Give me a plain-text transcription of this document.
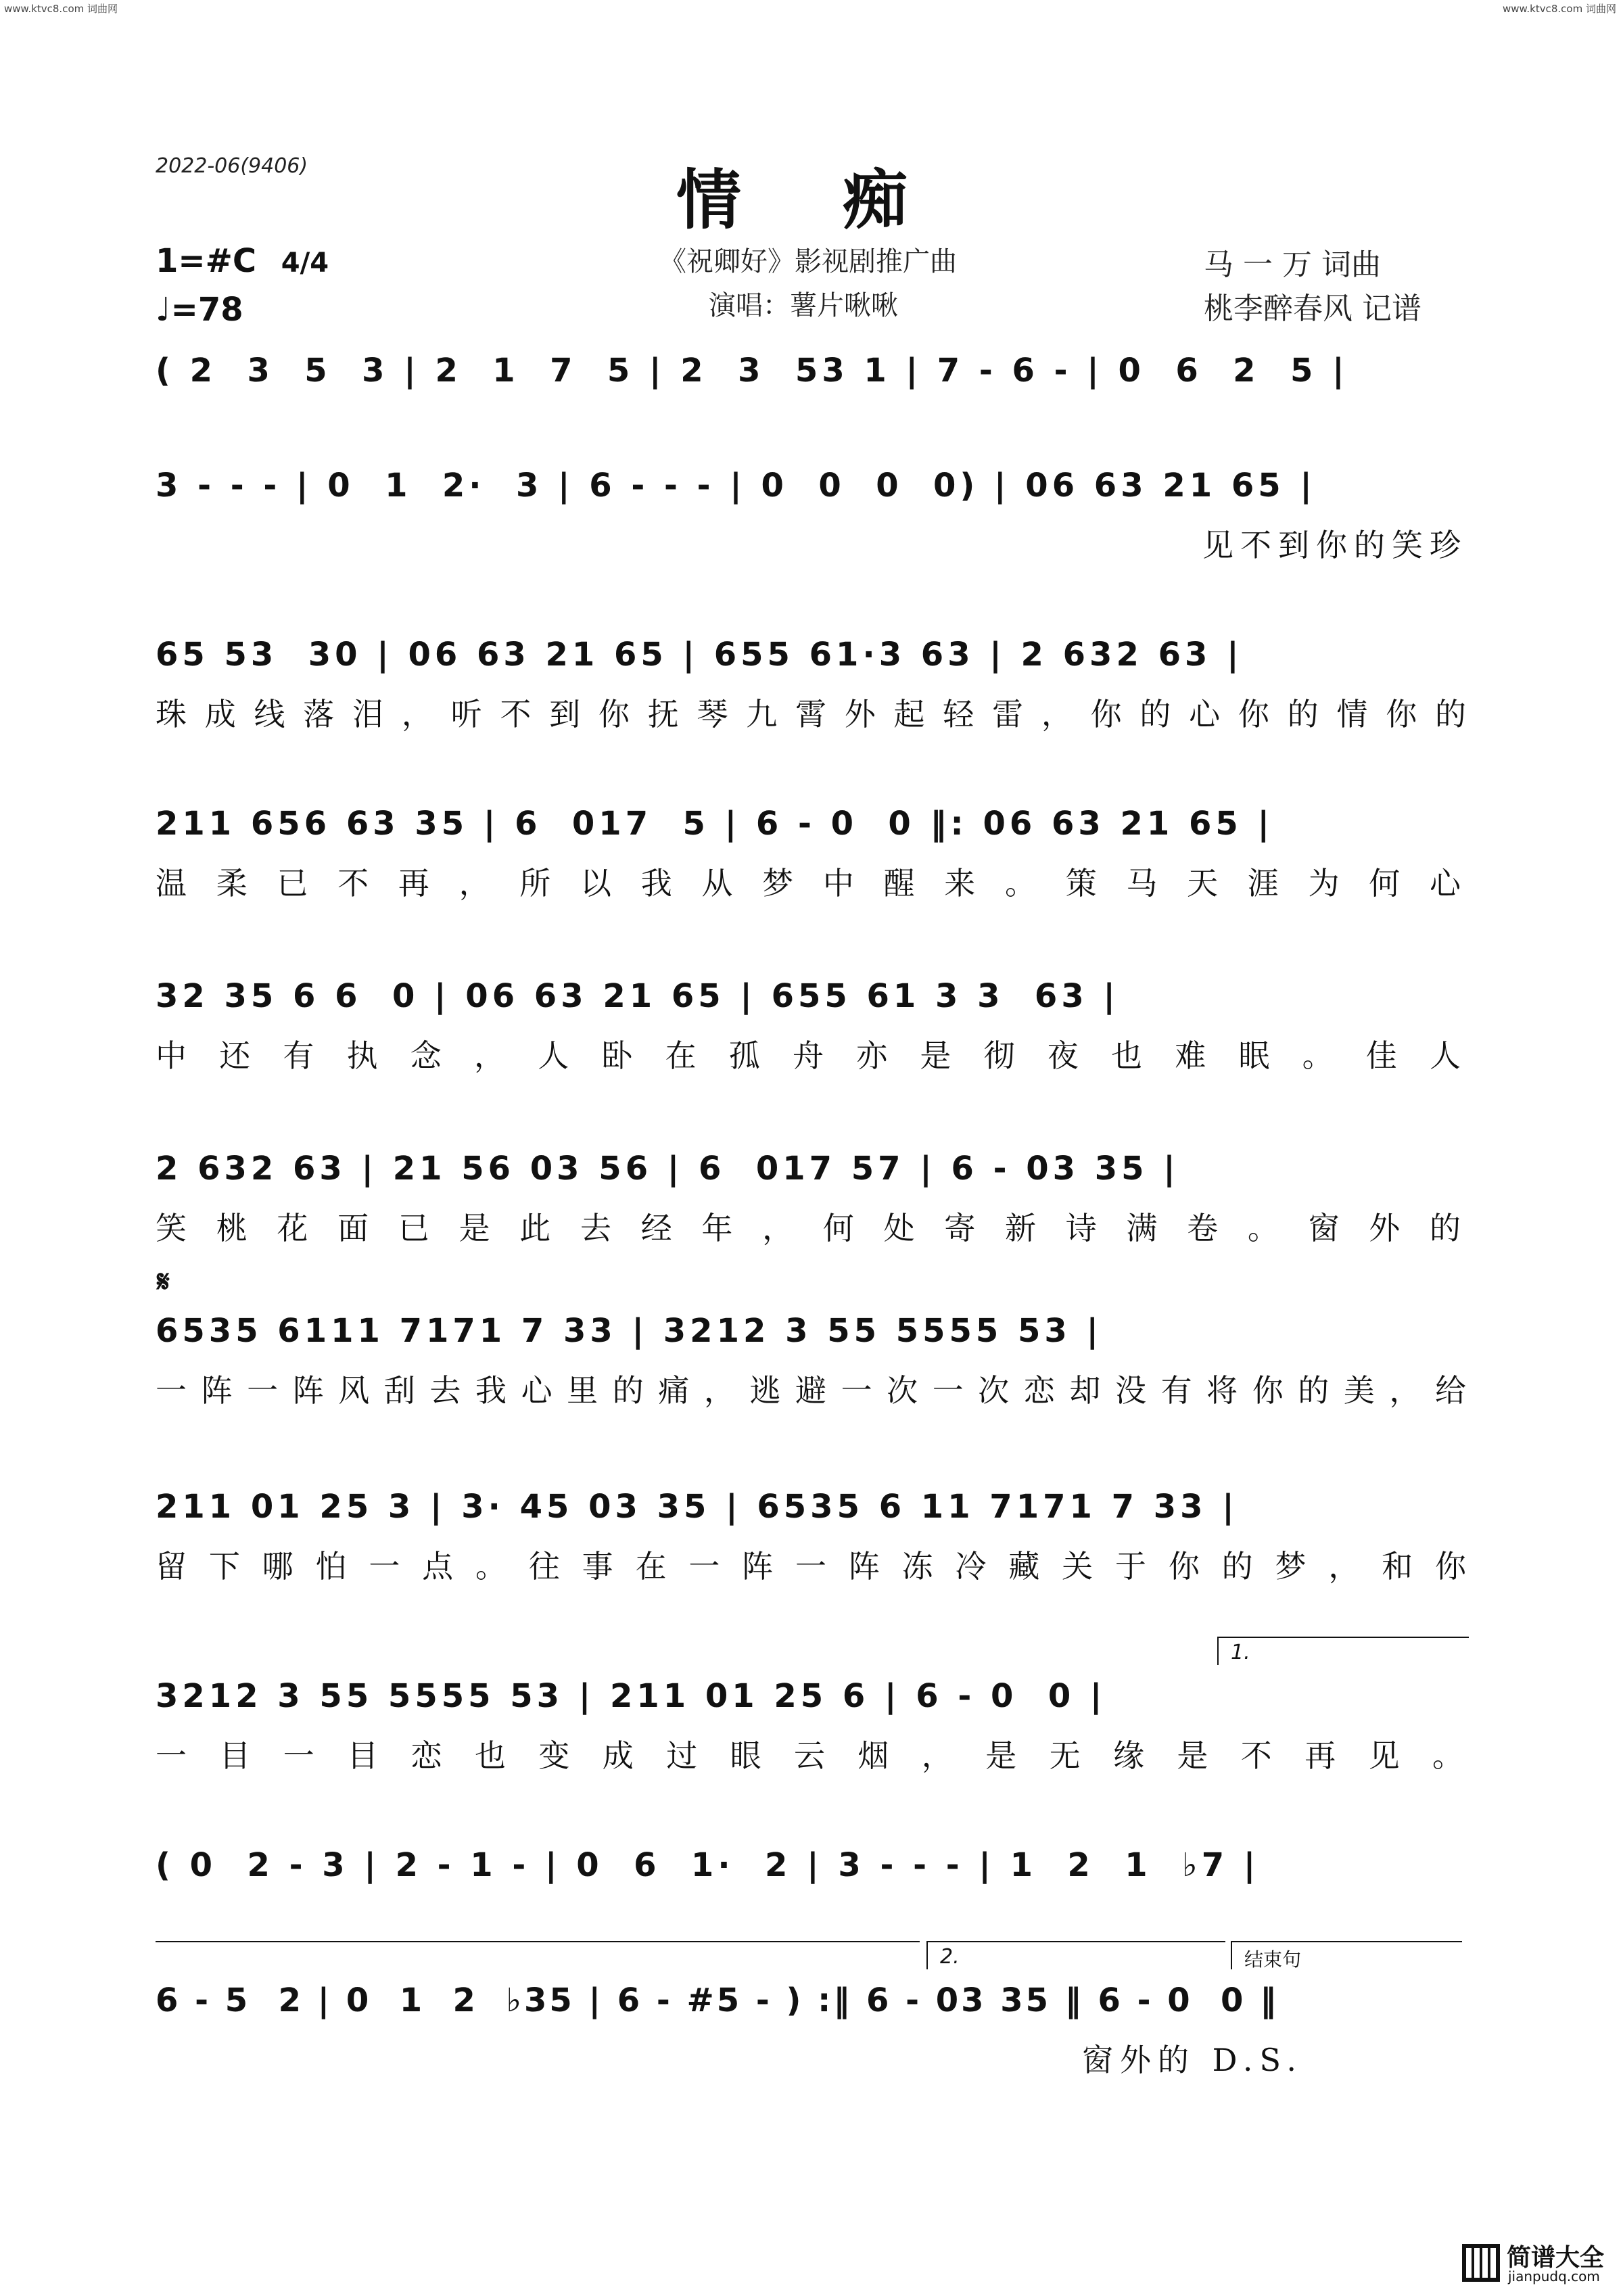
www.ktvc8.com 词曲网	www.ktvc8.com 词曲网
2022-06(9406)	情痴
1=#C 4/4
♩=78
《祝卿好》影视剧推广曲
演唱：薯片啾啾
马 一 万 词曲
桃李醉春风 记谱
( 2  3  5  3 | 2  1  7  5 | 2  3  53 1 | 7 - 6 - | 0  6  2  5 |
3 - - - | 0  1  2·  3 | 6 - - - | 0  0  0  0) | 06 63 21 65 |
见不到你的笑珍
65 53  30 | 06 63 21 65 | 655 61·3 63 | 2 632 63 |
珠成线落泪，听不到你抚琴九霄外起轻雷，你的心你的情你的
211 656 63 35 | 6  017  5 | 6 - 0  0 ‖: 06 63 21 65 |
温柔已不再，所以我从梦中醒来。策马天涯为何心
32 35 6 6  0 | 06 63 21 65 | 655 61 3 3  63 |
中还有执念，人卧在孤舟亦是彻夜也难眠。佳人
2 632 63 | 21 56 03 56 | 6  017 57 | 6 - 03 35 |
笑桃花面已是此去经年，何处寄新诗满卷。窗外的
𝄋
6535 6111 7171 7 33 | 3212 3 55 5555 53 |
一阵一阵风刮去我心里的痛，逃避一次一次恋却没有将你的美，给
211 01 25 3 | 3· 45 03 35 | 6535 6 11 7171 7 33 |
留下哪怕一点。往事在一阵一阵冻冷藏关于你的梦，和你
1.
3212 3 55 5555 53 | 211 01 25 6 | 6 - 0  0 |
一目一目恋也变成过眼云烟，是无缘是不再见。
( 0  2 - 3 | 2 - 1 - | 0  6  1·  2 | 3 - - - | 1  2  1  ♭7 |
2.	结束句
6 - 5  2 | 0  1  2  ♭35 | 6 - #5 - ) :‖ 6 - 03 35 ‖ 6 - 0  0 ‖
窗外的 D.S.
简谱大全
jianpudq.com
